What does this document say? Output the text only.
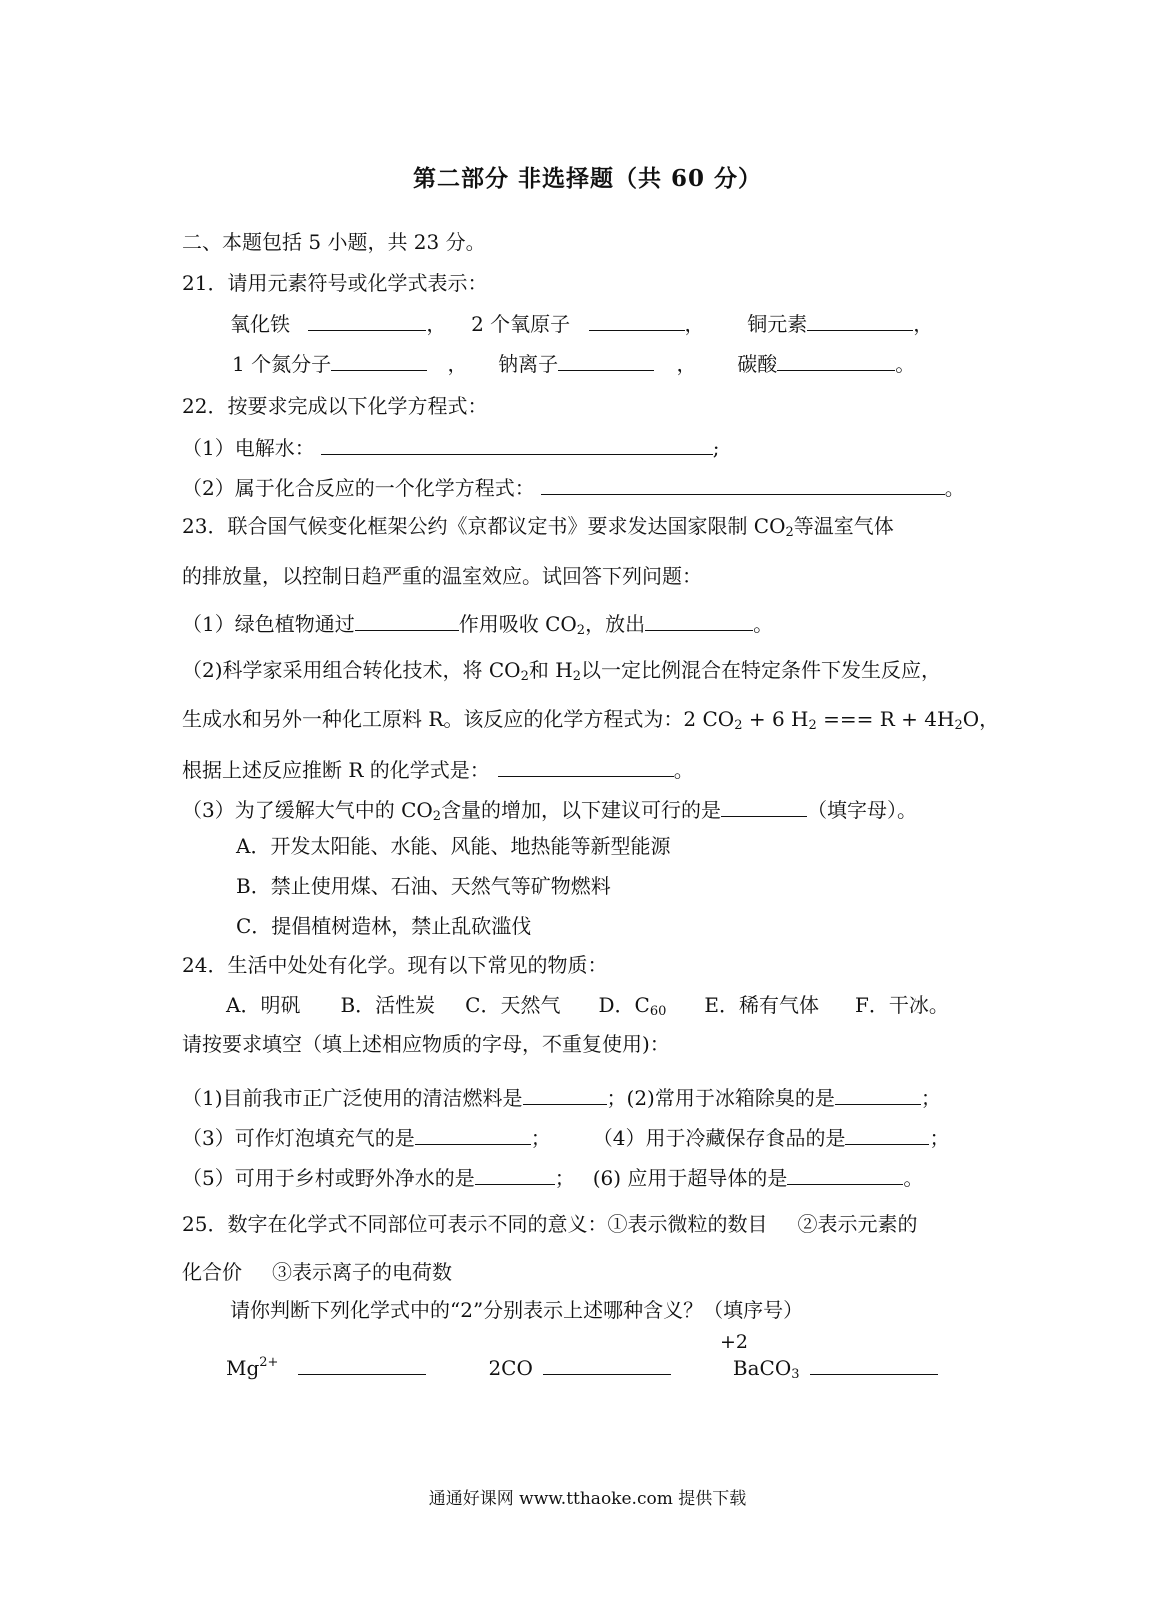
第二部分 非选择题（共 60 分）
二、本题包括 5 小题，共 23 分。
21．请用元素符号或化学式表示：
氧化铁	，  2 个氧原子	，  铜元素	，
1 个氮分子	，  钠离子	，  碳酸	。
22．按要求完成以下化学方程式：
（1）电解水：	;
（2）属于化合反应的一个化学方程式：	。
23．联合国气候变化框架公约《京都议定书》要求发达国家限制 $CO_2$等温室气体
的排放量，以控制日趋严重的温室效应。试回答下列问题：
（1）绿色植物通过	作用吸收 $CO_2$，放出	。
（2)科学家采用组合转化技术，将 $CO_2$和 $H_2$以一定比例混合在特定条件下发生反应，
生成水和另外一种化工原料 R。该反应的化学方程式为：2 $CO_2 + 6$ $H_2$ === $R + 4H_2O$，
根据上述反应推断 R 的化学式是：	。
（3）为了缓解大气中的 $CO_2$含量的增加，以下建议可行的是	（填字母）。
A．开发太阳能、水能、风能、地热能等新型能源
B．禁止使用煤、石油、天然气等矿物燃料
C．提倡植树造林，禁止乱砍滥伐
24．生活中处处有化学。现有以下常见的物质：
A．明矾 B．活性炭 C．天然气 D．$C_{60}$ E．稀有气体 F．干冰。
请按要求填空（填上述相应物质的字母，不重复使用)：
（1)目前我市正广泛使用的清洁燃料是	；(2)常用于冰箱除臭的是	；
（3）可作灯泡填充气的是	； （4）用于冷藏保存食品的是	；
（5）可用于乡村或野外净水的是	； (6) 应用于超导体的是	。
25．数字在化学式不同部位可表示不同的意义：①表示微粒的数目 ②表示元素的
化合价 ③表示离子的电荷数
请你判断下列化学式中的“2”分别表示上述哪种含义？（填序号）
+2
$Mg^{2+}$	2CO	BaCO$_3$
通通好课网 www.tthaoke.com 提供下载
